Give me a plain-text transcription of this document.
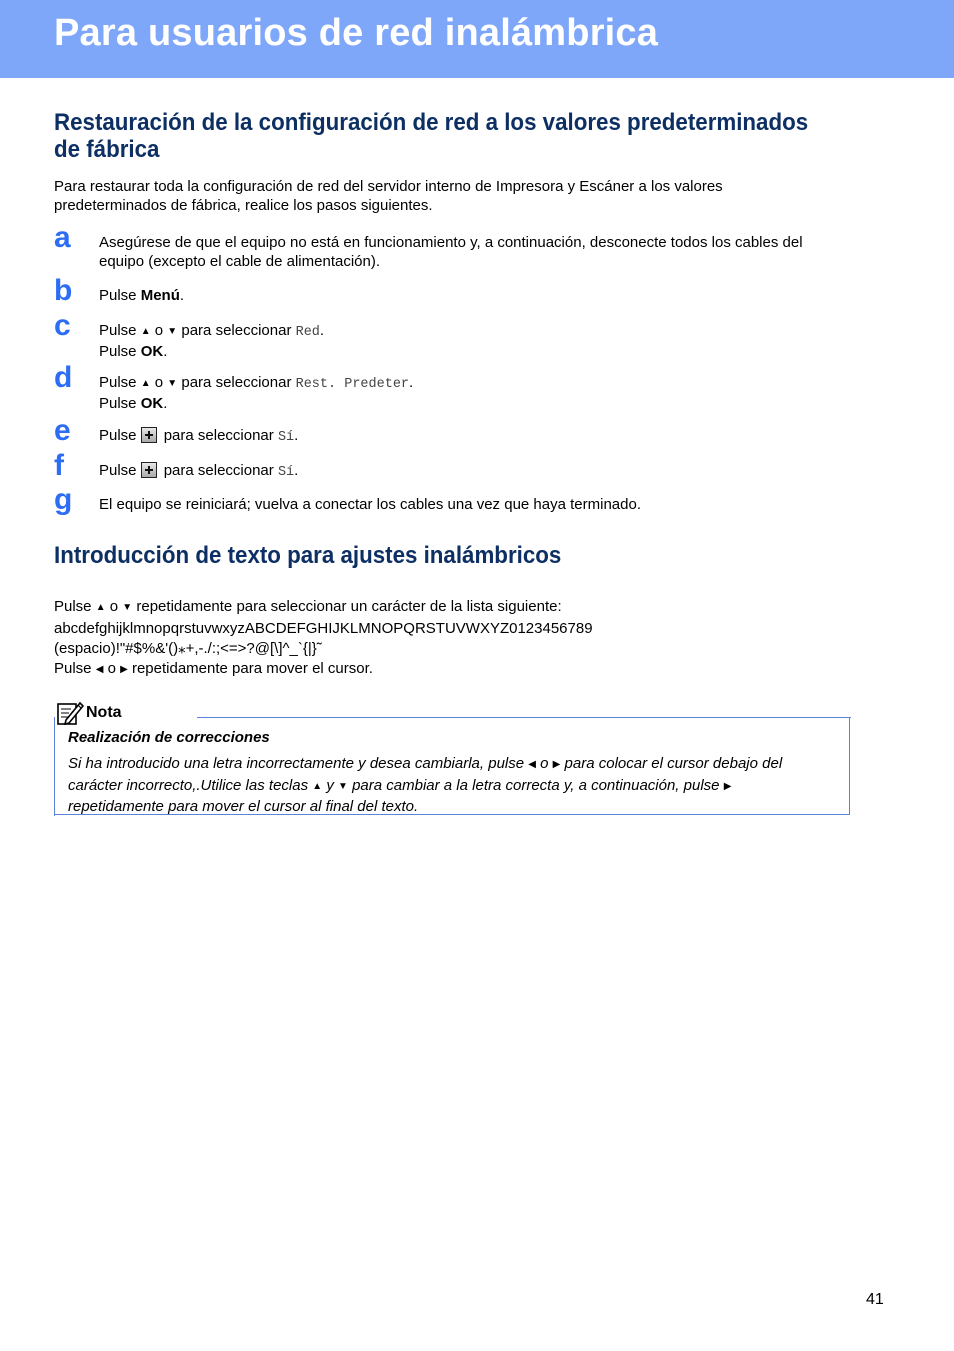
Para usuarios de red inalámbrica
Restauración de la configuración de red a los valores predeterminados
de fábrica

Para restaurar toda la configuración de red del servidor interno de Impresora y Escáner a los valores
predeterminados de fábrica, realice los pasos siguientes.

a Asegúrese de que el equipo no está en funcionamiento y, a continuación, desconecte todos los cables del
equipo (excepto el cable de alimentación).
b Pulse Menú.
c Pulse ▲ o ▼ para seleccionar Red.
Pulse OK.
d Pulse ▲ o ▼ para seleccionar Rest. Predeter.
Pulse OK.
e Pulse para seleccionar Sí.
f Pulse para seleccionar Sí.
g El equipo se reiniciará; vuelva a conectar los cables una vez que haya terminado.
Introducción de texto para ajustes inalámbricos

Pulse ▲ o ▼ repetidamente para seleccionar un carácter de la lista siguiente:
abcdefghijklmnopqrstuvwxyzABCDEFGHIJKLMNOPQRSTUVWXYZ0123456789
(espacio)!"#$%&'()⁎+,-./:;<=>?@[\]^_`{|}˜
Pulse ◀ o ▶ repetidamente para mover el cursor.

Nota
Realización de correcciones
Si ha introducido una letra incorrectamente y desea cambiarla, pulse ◀ o ▶ para colocar el cursor debajo del
carácter incorrecto,.Utilice las teclas ▲ y ▼ para cambiar a la letra correcta y, a continuación, pulse ▶
repetidamente para mover el cursor al final del texto.
41
